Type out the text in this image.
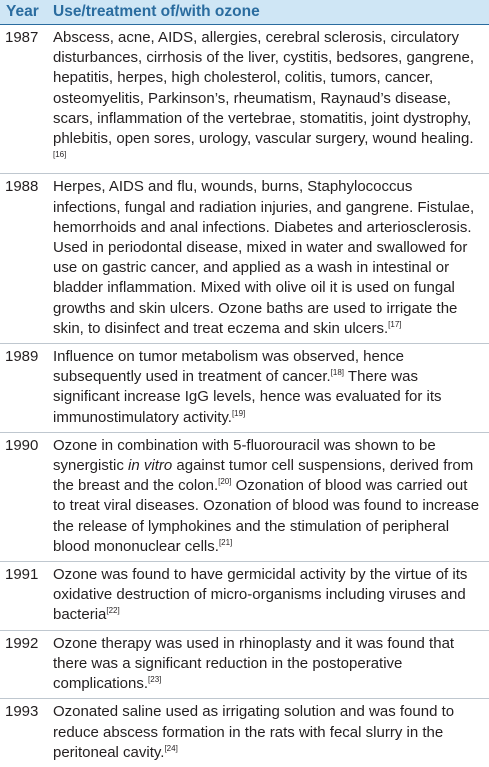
Year Use/treatment of/with ozone
1987 Abscess, acne, AIDS, allergies, cerebral sclerosis, circulatory disturbances, cirrhosis of the liver, cystitis, bedsores, gangrene, hepatitis, herpes, high cholesterol, colitis, tumors, cancer, osteomyelitis, Parkinson’s, rheumatism, Raynaud’s disease, scars, inflammation of the vertebrae, stomatitis, joint dystrophy, phlebitis, open sores, urology, vascular surgery, wound healing.[16]
1988 Herpes, AIDS and flu, wounds, burns, Staphylococcus infections, fungal and radiation injuries, and gangrene. Fistulae, hemorrhoids and anal infections. Diabetes and arteriosclerosis. Used in periodontal disease, mixed in water and swallowed for use on gastric cancer, and applied as a wash in intestinal or bladder inflammation. Mixed with olive oil it is used on fungal growths and skin ulcers. Ozone baths are used to irrigate the skin, to disinfect and treat eczema and skin ulcers.[17]
1989 Influence on tumor metabolism was observed, hence subsequently used in treatment of cancer.[18] There was significant increase IgG levels, hence was evaluated for its immunostimulatory activity.[19]
1990 Ozone in combination with 5-fluorouracil was shown to be synergistic in vitro against tumor cell suspensions, derived from the breast and the colon.[20] Ozonation of blood was carried out to treat viral diseases. Ozonation of blood was found to increase the release of lymphokines and the stimulation of peripheral blood mononuclear cells.[21]
1991 Ozone was found to have germicidal activity by the virtue of its oxidative destruction of micro-organisms including viruses and bacteria[22]
1992 Ozone therapy was used in rhinoplasty and it was found that there was a significant reduction in the postoperative complications.[23]
1993 Ozonated saline used as irrigating solution and was found to reduce abscess formation in the rats with fecal slurry in the peritoneal cavity.[24]
